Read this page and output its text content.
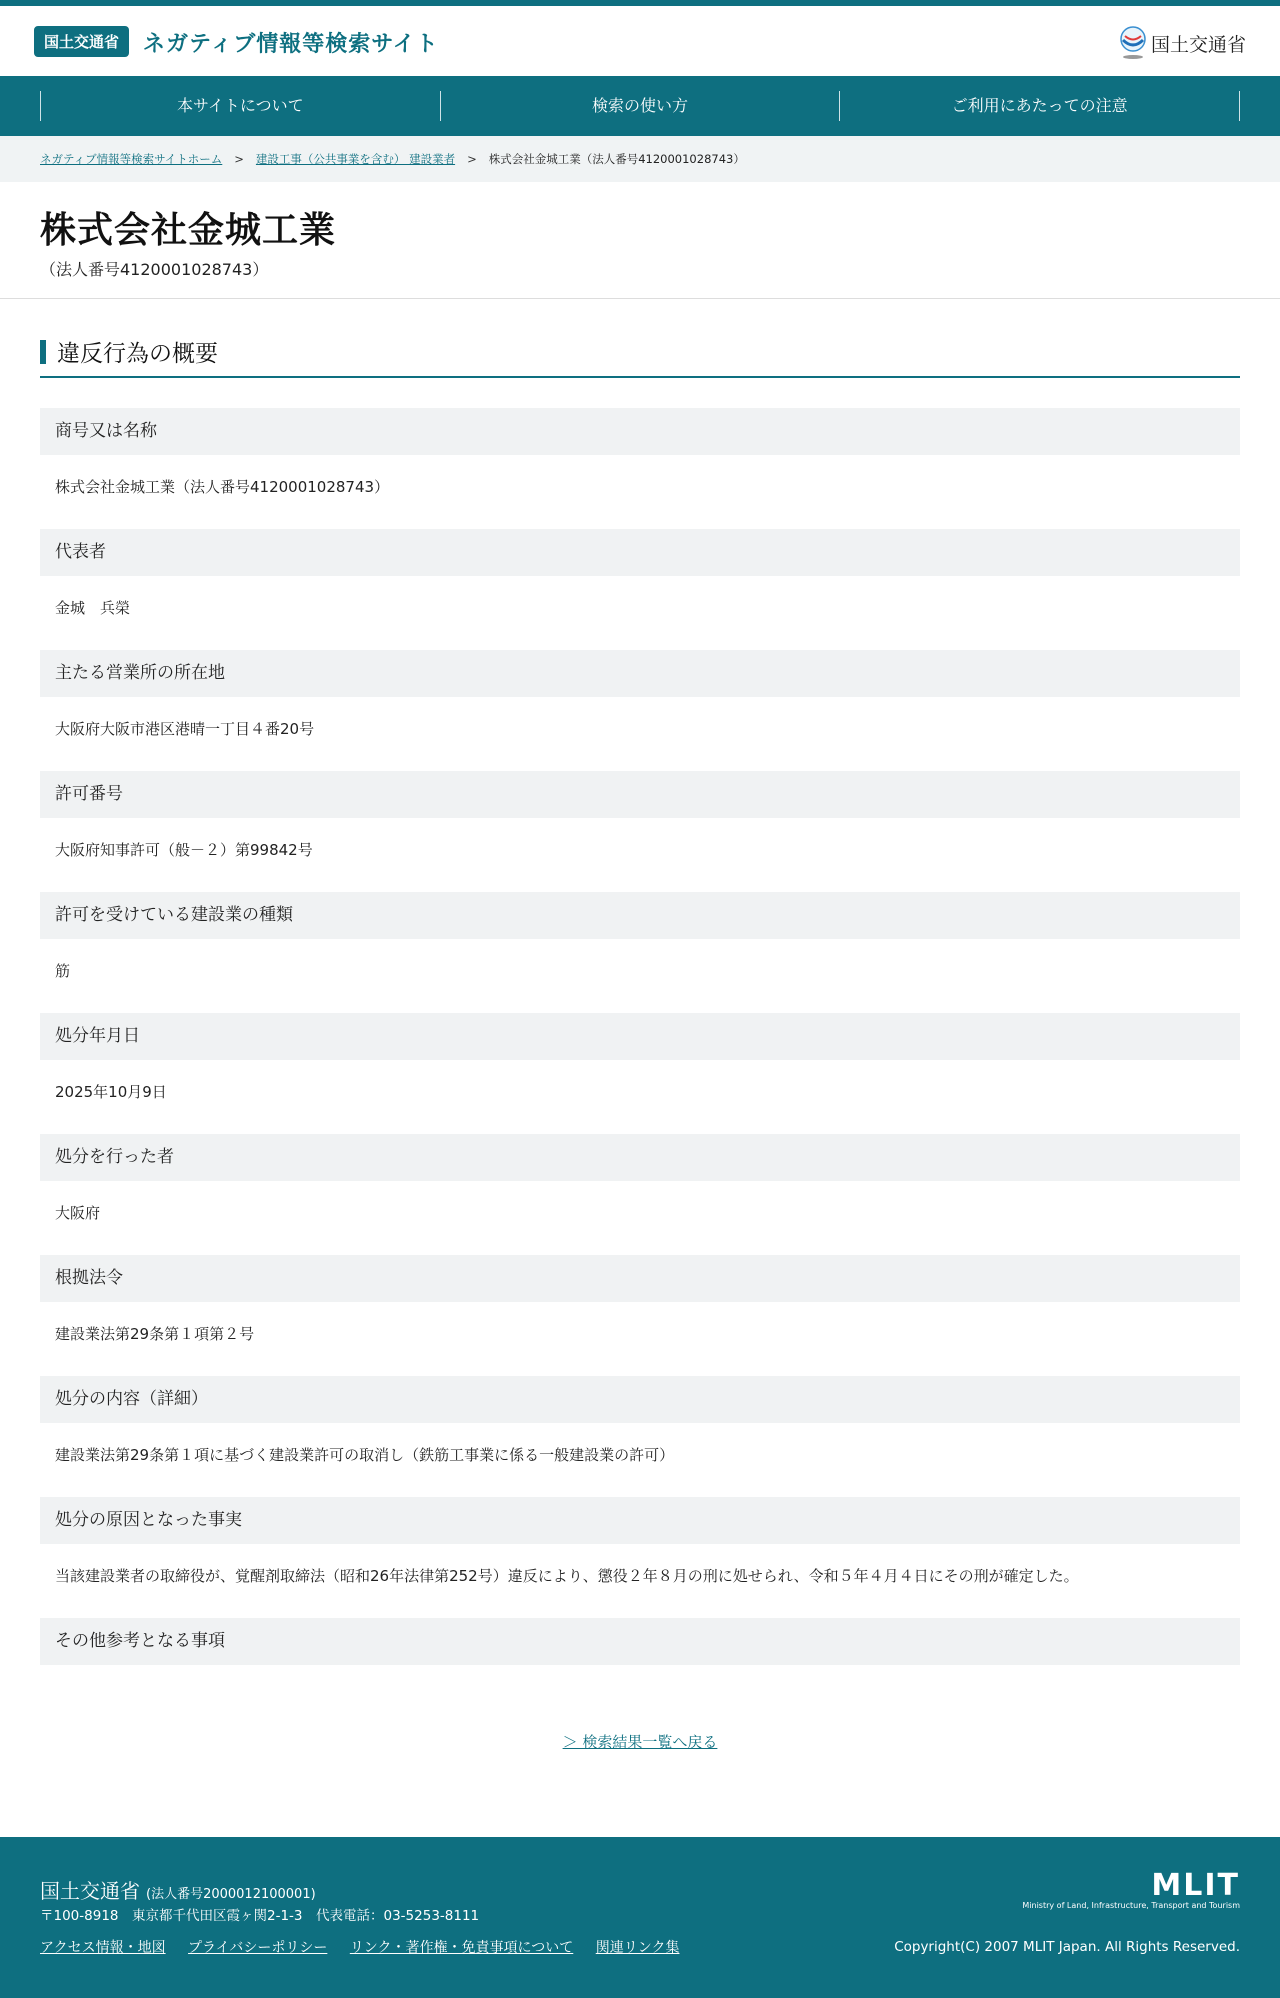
国土交通省	ネガティブ情報等検索サイト	国土交通省
本サイトについて	検索の使い方	ご利用にあたっての注意
ネガティブ情報等検索サイトホーム > 建設工事（公共事業を含む） 建設業者 > 株式会社金城工業（法人番号4120001028743）
株式会社金城工業
（法人番号4120001028743）
違反行為の概要
商号又は名称
株式会社金城工業（法人番号4120001028743）
代表者
金城　兵榮
主たる営業所の所在地
大阪府大阪市港区港晴一丁目４番20号
許可番号
大阪府知事許可（般－２）第99842号
許可を受けている建設業の種類
筋
処分年月日
2025年10月9日
処分を行った者
大阪府
根拠法令
建設業法第29条第１項第２号
処分の内容（詳細）
建設業法第29条第１項に基づく建設業許可の取消し（鉄筋工事業に係る一般建設業の許可）
処分の原因となった事実
当該建設業者の取締役が、覚醒剤取締法（昭和26年法律第252号）違反により、懲役２年８月の刑に処せられ、令和５年４月４日にその刑が確定した。
その他参考となる事項
＞ 検索結果一覧へ戻る
国土交通省 (法人番号2000012100001)
〒100-8918　東京都千代田区霞ヶ関2-1-3　代表電話：03-5253-8111
アクセス情報・地図 プライバシーポリシー リンク・著作権・免責事項について 関連リンク集
MLIT
Ministry of Land, Infrastructure, Transport and Tourism
Copyright(C) 2007 MLIT Japan. All Rights Reserved.
